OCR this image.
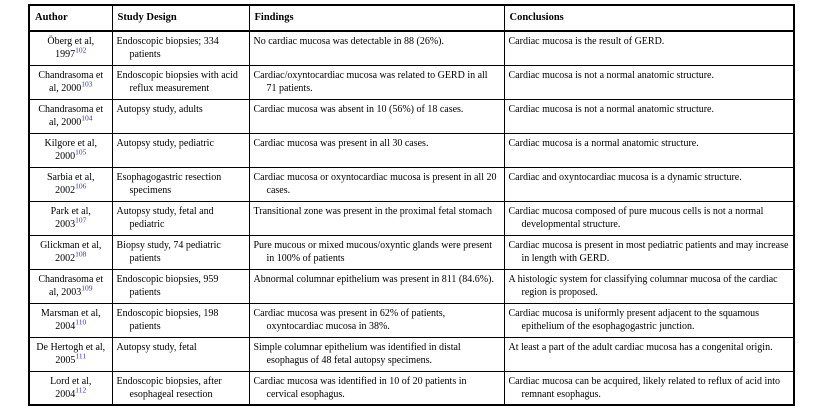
Author	Study Design	Findings	Conclusions
Öberg et al, 1997$^{102}$	Endoscopic biopsies; 334 patients	No cardiac mucosa was detectable in 88 (26%).	Cardiac mucosa is the result of GERD.
Chandrasoma et al, 2000$^{103}$	Endoscopic biopsies with acid reflux measurement	Cardiac/oxyntocardiac mucosa was related to GERD in all 71 patients.	Cardiac mucosa is not a normal anatomic structure.
Chandrasoma et al, 2000$^{104}$	Autopsy study, adults	Cardiac mucosa was absent in 10 (56%) of 18 cases.	Cardiac mucosa is not a normal anatomic structure.
Kilgore et al, 2000$^{105}$	Autopsy study, pediatric	Cardiac mucosa was present in all 30 cases.	Cardiac mucosa is a normal anatomic structure.
Sarbia et al, 2002$^{106}$	Esophagogastric resection specimens	Cardiac mucosa or oxyntocardiac mucosa is present in all 20 cases.	Cardiac and oxyntocardiac mucosa is a dynamic structure.
Park et al, 2003$^{107}$	Autopsy study, fetal and pediatric	Transitional zone was present in the proximal fetal stomach	Cardiac mucosa composed of pure mucous cells is not a normal developmental structure.
Glickman et al, 2002$^{108}$	Biopsy study, 74 pediatric patients	Pure mucous or mixed mucous/oxyntic glands were present in 100% of patients	Cardiac mucosa is present in most pediatric patients and may increase in length with GERD.
Chandrasoma et al, 2003$^{109}$	Endoscopic biopsies, 959 patients	Abnormal columnar epithelium was present in 811 (84.6%).	A histologic system for classifying columnar mucosa of the cardiac region is proposed.
Marsman et al, 2004$^{110}$	Endoscopic biopsies, 198 patients	Cardiac mucosa was present in 62% of patients, oxyntocardiac mucosa in 38%.	Cardiac mucosa is uniformly present adjacent to the squamous epithelium of the esophagogastric junction.
De Hertogh et al, 2005$^{111}$	Autopsy study, fetal	Simple columnar epithelium was identified in distal esophagus of 48 fetal autopsy specimens.	At least a part of the adult cardiac mucosa has a congenital origin.
Lord et al, 2004$^{112}$	Endoscopic biopsies, after esophageal resection	Cardiac mucosa was identified in 10 of 20 patients in cervical esophagus.	Cardiac mucosa can be acquired, likely related to reflux of acid into remnant esophagus.
